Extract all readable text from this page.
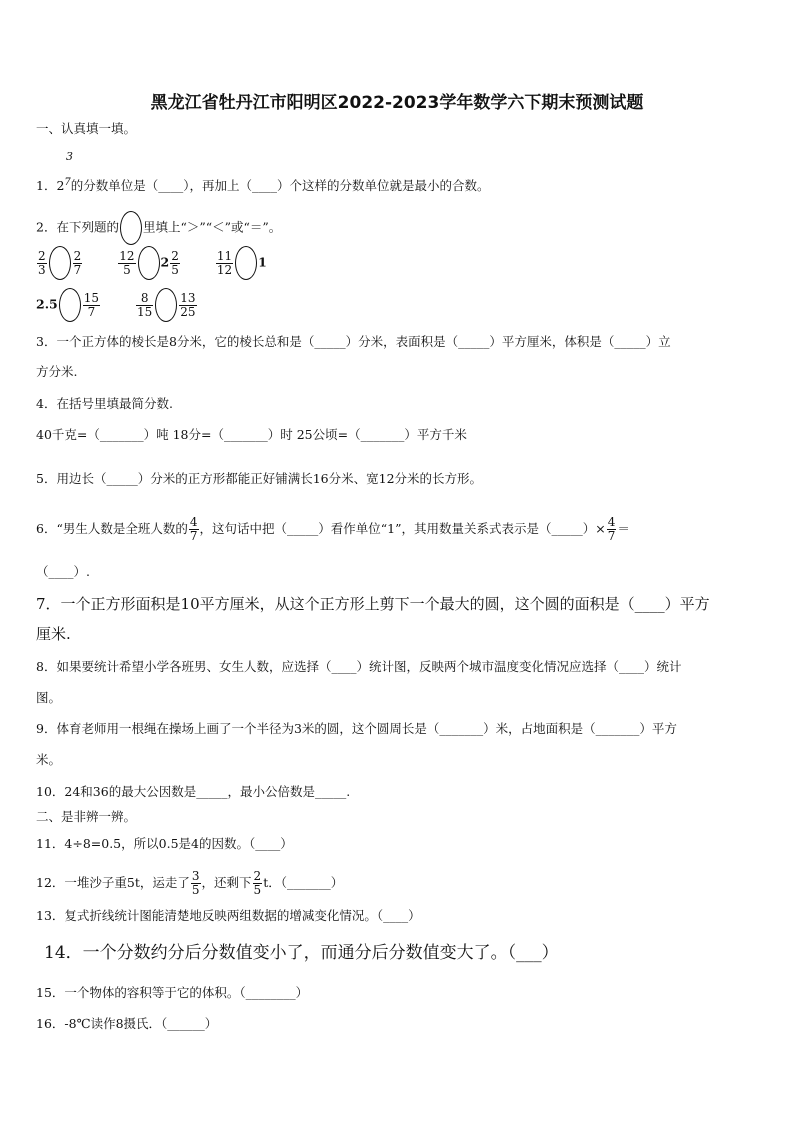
黑龙江省牡丹江市阳明区2022-2023学年数学六下期末预测试题
一、认真填一填。
1．$2^7$的分数单位是（____），再加上（____）个这样的分数单位就是最小的合数。
3
2．在下列题的 里填上“＞”“＜”或“＝”。
$\frac{2}{3} \frac{2}{7}$
	$\frac{12}{5} 2 \frac{2}{5}$
	$\frac{11}{12} 1$
$2.5 \frac{15}{7}$
	$\frac{8}{15} \frac{13}{25}$
3．一个正方体的棱长是8分米，它的棱长总和是（_____）分米，表面积是（_____）平方厘米，体积是（_____）立
方分米.
4．在括号里填最简分数.
40千克=（_______）吨 18分=（_______）时 25公顷=（_______）平方千米
5．用边长（_____）分米的正方形都能正好铺满长16分米、宽12分米的长方形。
6．“男生人数是全班人数的 $\frac{4}{7}$ ，这句话中把（_____）看作单位“1”，其用数量关系式表示是（_____）× $\frac{4}{7}$ ＝
（____）.
7．一个正方形面积是10平方厘米，从这个正方形上剪下一个最大的圆，这个圆的面积是（____）平方
厘米.
8．如果要统计希望小学各班男、女生人数，应选择（____）统计图，反映两个城市温度变化情况应选择（____）统计
图。
9．体育老师用一根绳在操场上画了一个半径为3米的圆，这个圆周长是（_______）米，占地面积是（_______）平方
米。
10．24和36的最大公因数是_____，最小公倍数是_____.
二、是非辨一辨。
11．4÷8=0.5，所以0.5是4的因数。（____）
12．一堆沙子重5t，运走了 $\frac{3}{5}$ ，还剩下 $\frac{2}{5}$ t．（_______）
13．复式折线统计图能清楚地反映两组数据的增减变化情况。（____）
14．一个分数约分后分数值变小了，而通分后分数值变大了。（___）
15．一个物体的容积等于它的体积。（________）
16．-8℃读作8摄氏．（______）
